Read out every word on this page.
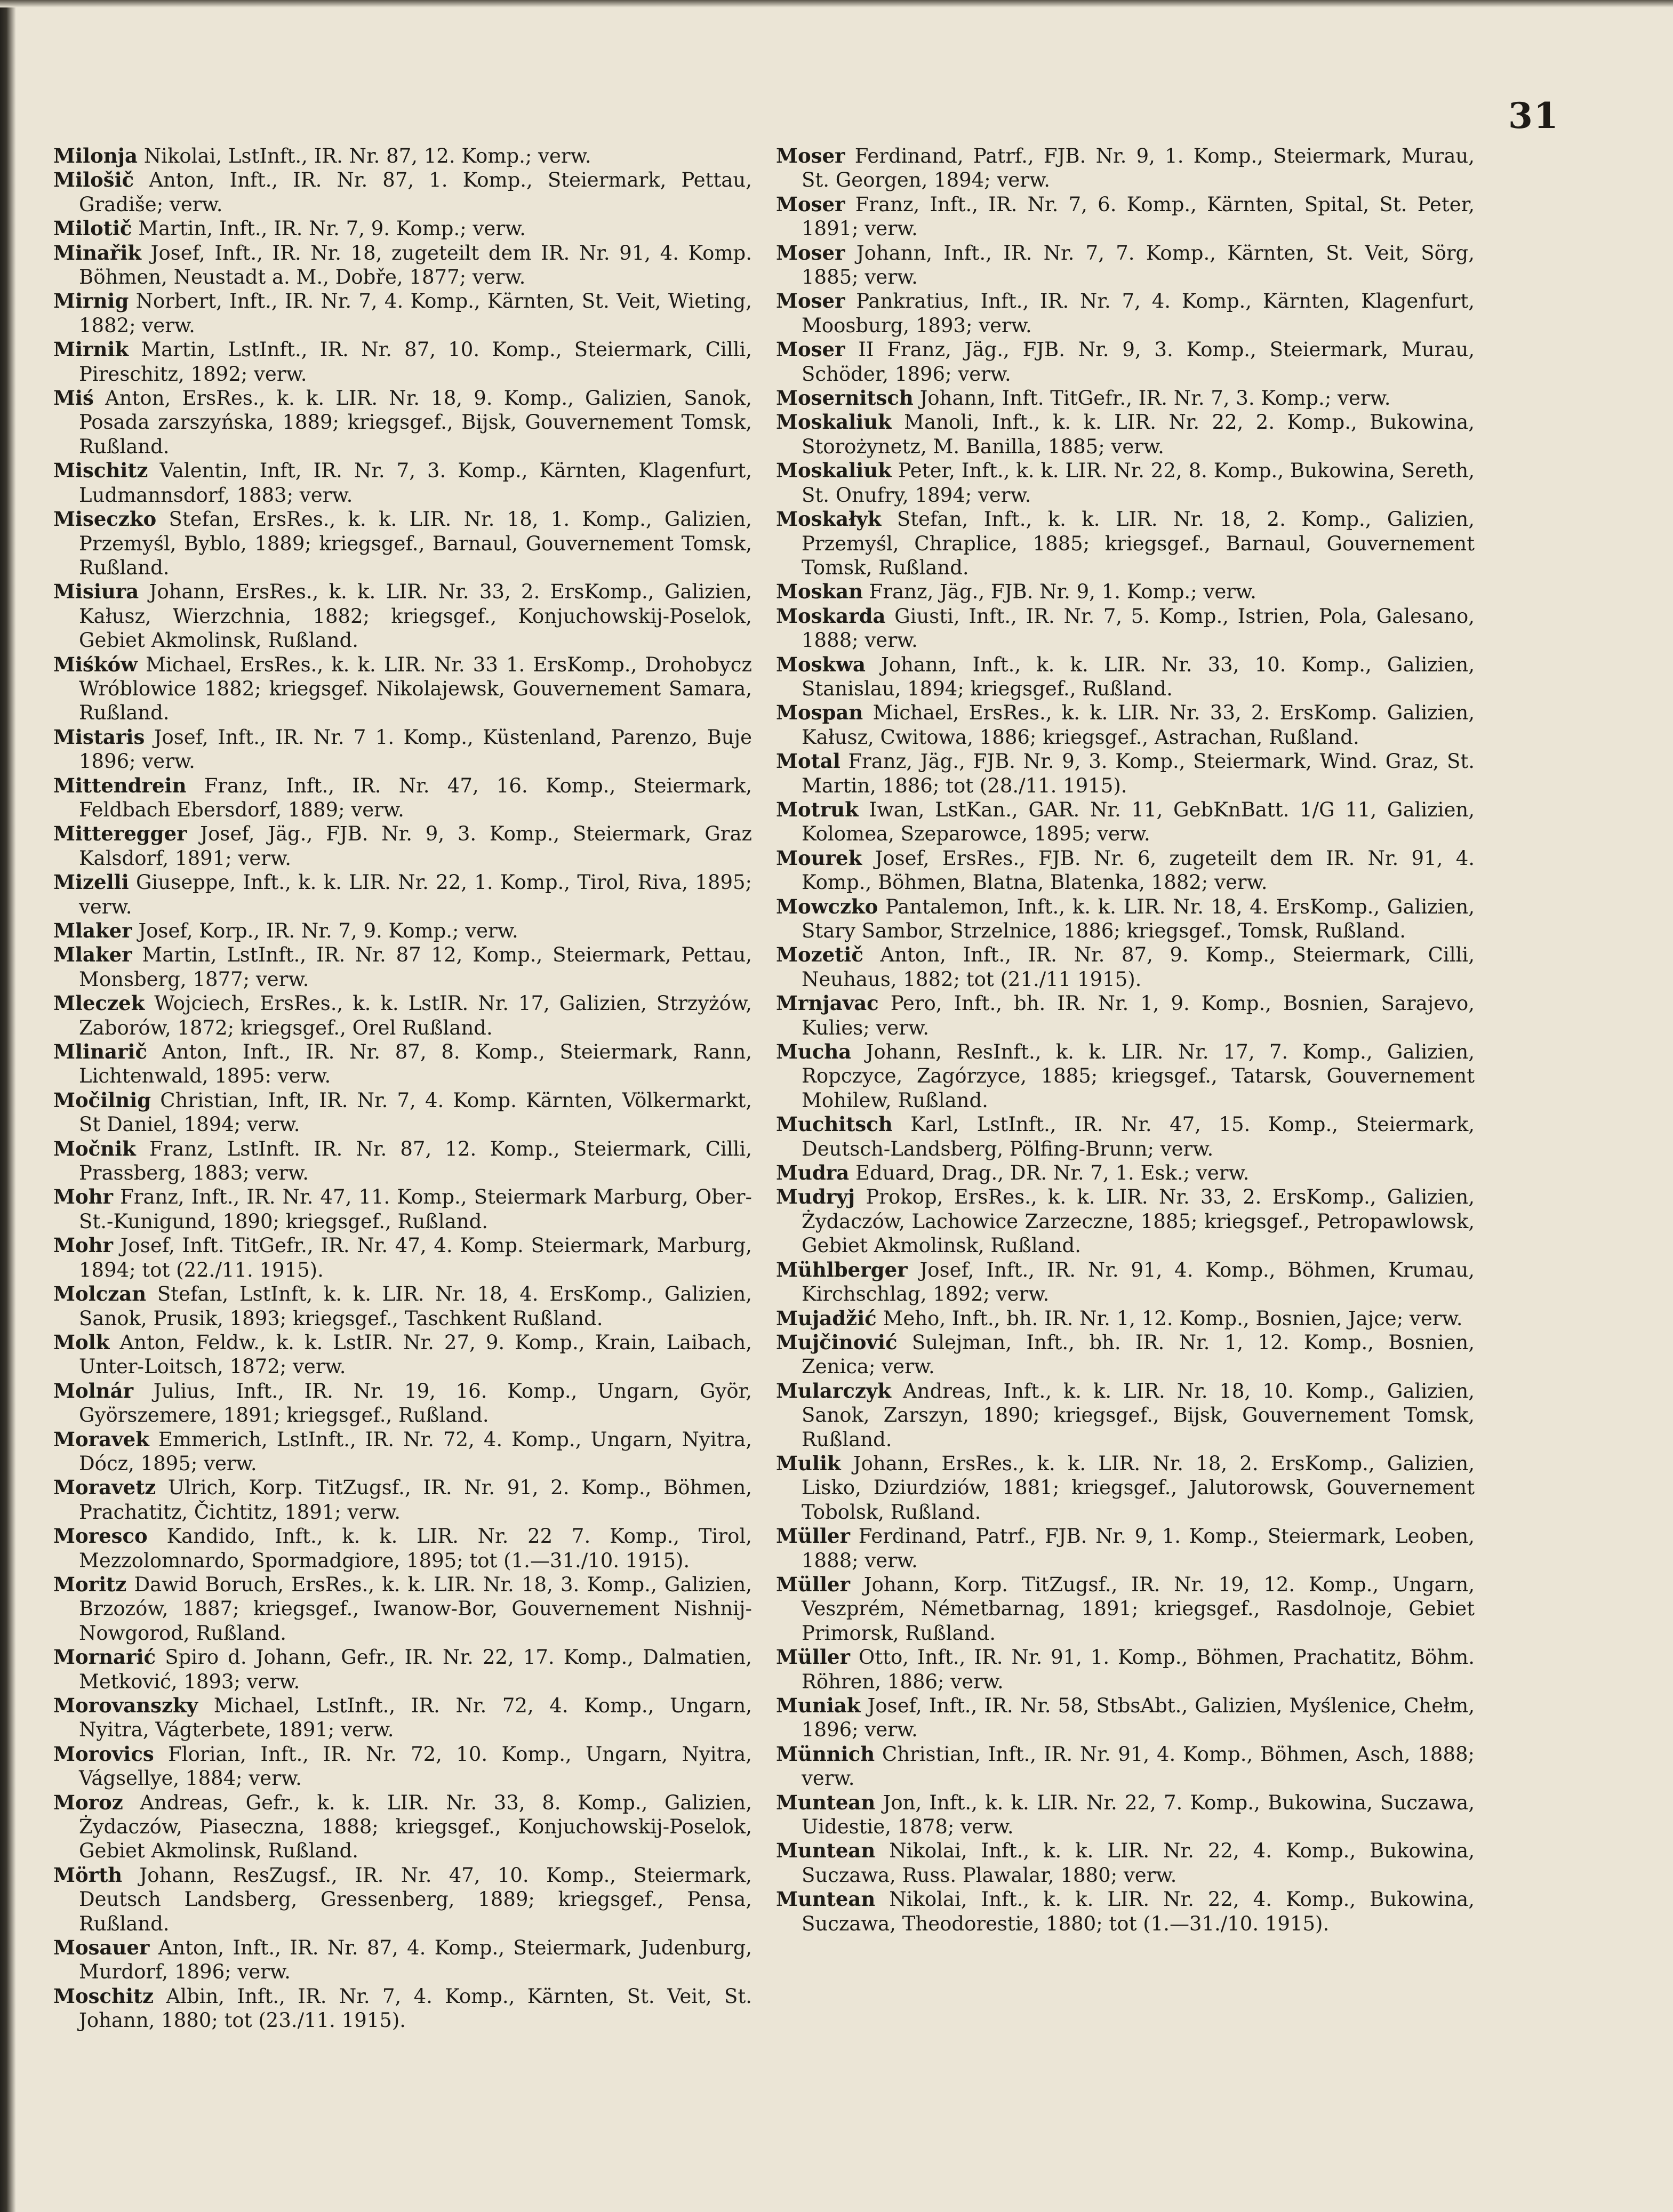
31
Milonja Nikolai, LstInft., IR. Nr. 87, 12. Komp.; verw.
Milošič Anton, Inft., IR. Nr. 87, 1. Komp., Steiermark, Pettau, Gradiše; verw.
Milotič Martin, Inft., IR. Nr. 7, 9. Komp.; verw.
Minařik Josef, Inft., IR. Nr. 18, zugeteilt dem IR. Nr. 91, 4. Komp. Böhmen, Neustadt a. M., Dobře, 1877; verw.
Mirnig Norbert, Inft., IR. Nr. 7, 4. Komp., Kärnten, St. Veit, Wieting, 1882; verw.
Mirnik Martin, LstInft., IR. Nr. 87, 10. Komp., Steiermark, Cilli, Pireschitz, 1892; verw.
Miś Anton, ErsRes., k. k. LIR. Nr. 18, 9. Komp., Galizien, Sanok, Posada zarszyńska, 1889; kriegsgef., Bijsk, Gouvernement Tomsk, Rußland.
Mischitz Valentin, Inft, IR. Nr. 7, 3. Komp., Kärnten, Klagenfurt, Ludmannsdorf, 1883; verw.
Miseczko Stefan, ErsRes., k. k. LIR. Nr. 18, 1. Komp., Galizien, Przemyśl, Byblo, 1889; kriegsgef., Barnaul, Gouvernement Tomsk, Rußland.
Misiura Johann, ErsRes., k. k. LIR. Nr. 33, 2. ErsKomp., Galizien, Kałusz, Wierzchnia, 1882; kriegsgef., Konjuchowskij-Poselok, Gebiet Akmolinsk, Rußland.
Miśków Michael, ErsRes., k. k. LIR. Nr. 33 1. ErsKomp., Drohobycz Wróblowice 1882; kriegsgef. Nikolajewsk, Gouvernement Samara, Rußland.
Mistaris Josef, Inft., IR. Nr. 7 1. Komp., Küstenland, Parenzo, Buje 1896; verw.
Mittendrein Franz, Inft., IR. Nr. 47, 16. Komp., Steiermark, Feldbach Ebersdorf, 1889; verw.
Mitteregger Josef, Jäg., FJB. Nr. 9, 3. Komp., Steiermark, Graz Kalsdorf, 1891; verw.
Mizelli Giuseppe, Inft., k. k. LIR. Nr. 22, 1. Komp., Tirol, Riva, 1895; verw.
Mlaker Josef, Korp., IR. Nr. 7, 9. Komp.; verw.
Mlaker Martin, LstInft., IR. Nr. 87 12, Komp., Steiermark, Pettau, Monsberg, 1877; verw.
Mleczek Wojciech, ErsRes., k. k. LstIR. Nr. 17, Galizien, Strzyżów, Zaborów, 1872; kriegsgef., Orel Rußland.
Mlinarič Anton, Inft., IR. Nr. 87, 8. Komp., Steiermark, Rann, Lichtenwald, 1895: verw.
Močilnig Christian, Inft, IR. Nr. 7, 4. Komp. Kärnten, Völkermarkt, St Daniel, 1894; verw.
Močnik Franz, LstInft. IR. Nr. 87, 12. Komp., Steiermark, Cilli, Prassberg, 1883; verw.
Mohr Franz, Inft., IR. Nr. 47, 11. Komp., Steiermark Marburg, Ober-St.-Kunigund, 1890; kriegsgef., Rußland.
Mohr Josef, Inft. TitGefr., IR. Nr. 47, 4. Komp. Steiermark, Marburg, 1894; tot (22./11. 1915).
Molczan Stefan, LstInft, k. k. LIR. Nr. 18, 4. ErsKomp., Galizien, Sanok, Prusik, 1893; kriegsgef., Taschkent Rußland.
Molk Anton, Feldw., k. k. LstIR. Nr. 27, 9. Komp., Krain, Laibach, Unter-Loitsch, 1872; verw.
Molnár Julius, Inft., IR. Nr. 19, 16. Komp., Ungarn, Györ, Györszemere, 1891; kriegsgef., Rußland.
Moravek Emmerich, LstInft., IR. Nr. 72, 4. Komp., Ungarn, Nyitra, Dócz, 1895; verw.
Moravetz Ulrich, Korp. TitZugsf., IR. Nr. 91, 2. Komp., Böhmen, Prachatitz, Čichtitz, 1891; verw.
Moresco Kandido, Inft., k. k. LIR. Nr. 22 7. Komp., Tirol, Mezzolomnardo, Spormadgiore, 1895; tot (1.—31./10. 1915).
Moritz Dawid Boruch, ErsRes., k. k. LIR. Nr. 18, 3. Komp., Galizien, Brzozów, 1887; kriegsgef., Iwanow-Bor, Gouvernement Nishnij-Nowgorod, Rußland.
Mornarić Spiro d. Johann, Gefr., IR. Nr. 22, 17. Komp., Dalmatien, Metković, 1893; verw.
Morovanszky Michael, LstInft., IR. Nr. 72, 4. Komp., Ungarn, Nyitra, Vágterbete, 1891; verw.
Morovics Florian, Inft., IR. Nr. 72, 10. Komp., Ungarn, Nyitra, Vágsellye, 1884; verw.
Moroz Andreas, Gefr., k. k. LIR. Nr. 33, 8. Komp., Galizien, Żydaczów, Piaseczna, 1888; kriegsgef., Konjuchowskij-Poselok, Gebiet Akmolinsk, Rußland.
Mörth Johann, ResZugsf., IR. Nr. 47, 10. Komp., Steiermark, Deutsch Landsberg, Gressenberg, 1889; kriegsgef., Pensa, Rußland.
Mosauer Anton, Inft., IR. Nr. 87, 4. Komp., Steiermark, Judenburg, Murdorf, 1896; verw.
Moschitz Albin, Inft., IR. Nr. 7, 4. Komp., Kärnten, St. Veit, St. Johann, 1880; tot (23./11. 1915).
Moser Ferdinand, Patrf., FJB. Nr. 9, 1. Komp., Steiermark, Murau, St. Georgen, 1894; verw.
Moser Franz, Inft., IR. Nr. 7, 6. Komp., Kärnten, Spital, St. Peter, 1891; verw.
Moser Johann, Inft., IR. Nr. 7, 7. Komp., Kärnten, St. Veit, Sörg, 1885; verw.
Moser Pankratius, Inft., IR. Nr. 7, 4. Komp., Kärnten, Klagenfurt, Moosburg, 1893; verw.
Moser II Franz, Jäg., FJB. Nr. 9, 3. Komp., Steiermark, Murau, Schöder, 1896; verw.
Mosernitsch Johann, Inft. TitGefr., IR. Nr. 7, 3. Komp.; verw.
Moskaliuk Manoli, Inft., k. k. LIR. Nr. 22, 2. Komp., Bukowina, Storożynetz, M. Banilla, 1885; verw.
Moskaliuk Peter, Inft., k. k. LIR. Nr. 22, 8. Komp., Bukowina, Sereth, St. Onufry, 1894; verw.
Moskałyk Stefan, Inft., k. k. LIR. Nr. 18, 2. Komp., Galizien, Przemyśl, Chraplice, 1885; kriegsgef., Barnaul, Gouvernement Tomsk, Rußland.
Moskan Franz, Jäg., FJB. Nr. 9, 1. Komp.; verw.
Moskarda Giusti, Inft., IR. Nr. 7, 5. Komp., Istrien, Pola, Galesano, 1888; verw.
Moskwa Johann, Inft., k. k. LIR. Nr. 33, 10. Komp., Galizien, Stanislau, 1894; kriegsgef., Rußland.
Mospan Michael, ErsRes., k. k. LIR. Nr. 33, 2. ErsKomp. Galizien, Kałusz, Cwitowa, 1886; kriegsgef., Astrachan, Rußland.
Motal Franz, Jäg., FJB. Nr. 9, 3. Komp., Steiermark, Wind. Graz, St. Martin, 1886; tot (28./11. 1915).
Motruk Iwan, LstKan., GAR. Nr. 11, GebKnBatt. 1/G 11, Galizien, Kolomea, Szeparowce, 1895; verw.
Mourek Josef, ErsRes., FJB. Nr. 6, zugeteilt dem IR. Nr. 91, 4. Komp., Böhmen, Blatna, Blatenka, 1882; verw.
Mowczko Pantalemon, Inft., k. k. LIR. Nr. 18, 4. ErsKomp., Galizien, Stary Sambor, Strzelnice, 1886; kriegsgef., Tomsk, Rußland.
Mozetič Anton, Inft., IR. Nr. 87, 9. Komp., Steiermark, Cilli, Neuhaus, 1882; tot (21./11 1915).
Mrnjavac Pero, Inft., bh. IR. Nr. 1, 9. Komp., Bosnien, Sarajevo, Kulies; verw.
Mucha Johann, ResInft., k. k. LIR. Nr. 17, 7. Komp., Galizien, Ropczyce, Zagórzyce, 1885; kriegsgef., Tatarsk, Gouvernement Mohilew, Rußland.
Muchitsch Karl, LstInft., IR. Nr. 47, 15. Komp., Steiermark, Deutsch-Landsberg, Pölfing-Brunn; verw.
Mudra Eduard, Drag., DR. Nr. 7, 1. Esk.; verw.
Mudryj Prokop, ErsRes., k. k. LIR. Nr. 33, 2. ErsKomp., Galizien, Żydaczów, Lachowice Zarzeczne, 1885; kriegsgef., Petropawlowsk, Gebiet Akmolinsk, Rußland.
Mühlberger Josef, Inft., IR. Nr. 91, 4. Komp., Böhmen, Krumau, Kirchschlag, 1892; verw.
Mujadžić Meho, Inft., bh. IR. Nr. 1, 12. Komp., Bosnien, Jajce; verw.
Mujčinović Sulejman, Inft., bh. IR. Nr. 1, 12. Komp., Bosnien, Zenica; verw.
Mularczyk Andreas, Inft., k. k. LIR. Nr. 18, 10. Komp., Galizien, Sanok, Zarszyn, 1890; kriegsgef., Bijsk, Gouvernement Tomsk, Rußland.
Mulik Johann, ErsRes., k. k. LIR. Nr. 18, 2. ErsKomp., Galizien, Lisko, Dziurdziów, 1881; kriegsgef., Jalutorowsk, Gouvernement Tobolsk, Rußland.
Müller Ferdinand, Patrf., FJB. Nr. 9, 1. Komp., Steiermark, Leoben, 1888; verw.
Müller Johann, Korp. TitZugsf., IR. Nr. 19, 12. Komp., Ungarn, Veszprém, Németbarnag, 1891; kriegsgef., Rasdolnoje, Gebiet Primorsk, Rußland.
Müller Otto, Inft., IR. Nr. 91, 1. Komp., Böhmen, Prachatitz, Böhm. Röhren, 1886; verw.
Muniak Josef, Inft., IR. Nr. 58, StbsAbt., Galizien, Myślenice, Chełm, 1896; verw.
Münnich Christian, Inft., IR. Nr. 91, 4. Komp., Böhmen, Asch, 1888; verw.
Muntean Jon, Inft., k. k. LIR. Nr. 22, 7. Komp., Bukowina, Suczawa, Uidestie, 1878; verw.
Muntean Nikolai, Inft., k. k. LIR. Nr. 22, 4. Komp., Bukowina, Suczawa, Russ. Plawalar, 1880; verw.
Muntean Nikolai, Inft., k. k. LIR. Nr. 22, 4. Komp., Bukowina, Suczawa, Theodorestie, 1880; tot (1.—31./10. 1915).
